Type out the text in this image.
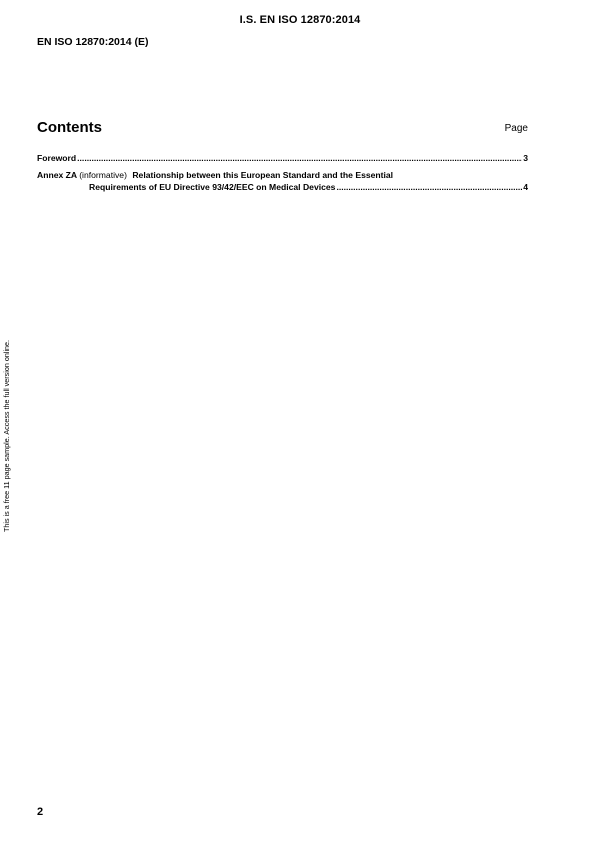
I.S. EN ISO 12870:2014
EN ISO 12870:2014 (E)
Contents	Page
Foreword .....	3
Annex ZA (informative) Relationship between this European Standard and the Essential
Requirements of EU Directive 93/42/EEC on Medical Devices .....	4
This is a free 11 page sample. Access the full version online.
2
